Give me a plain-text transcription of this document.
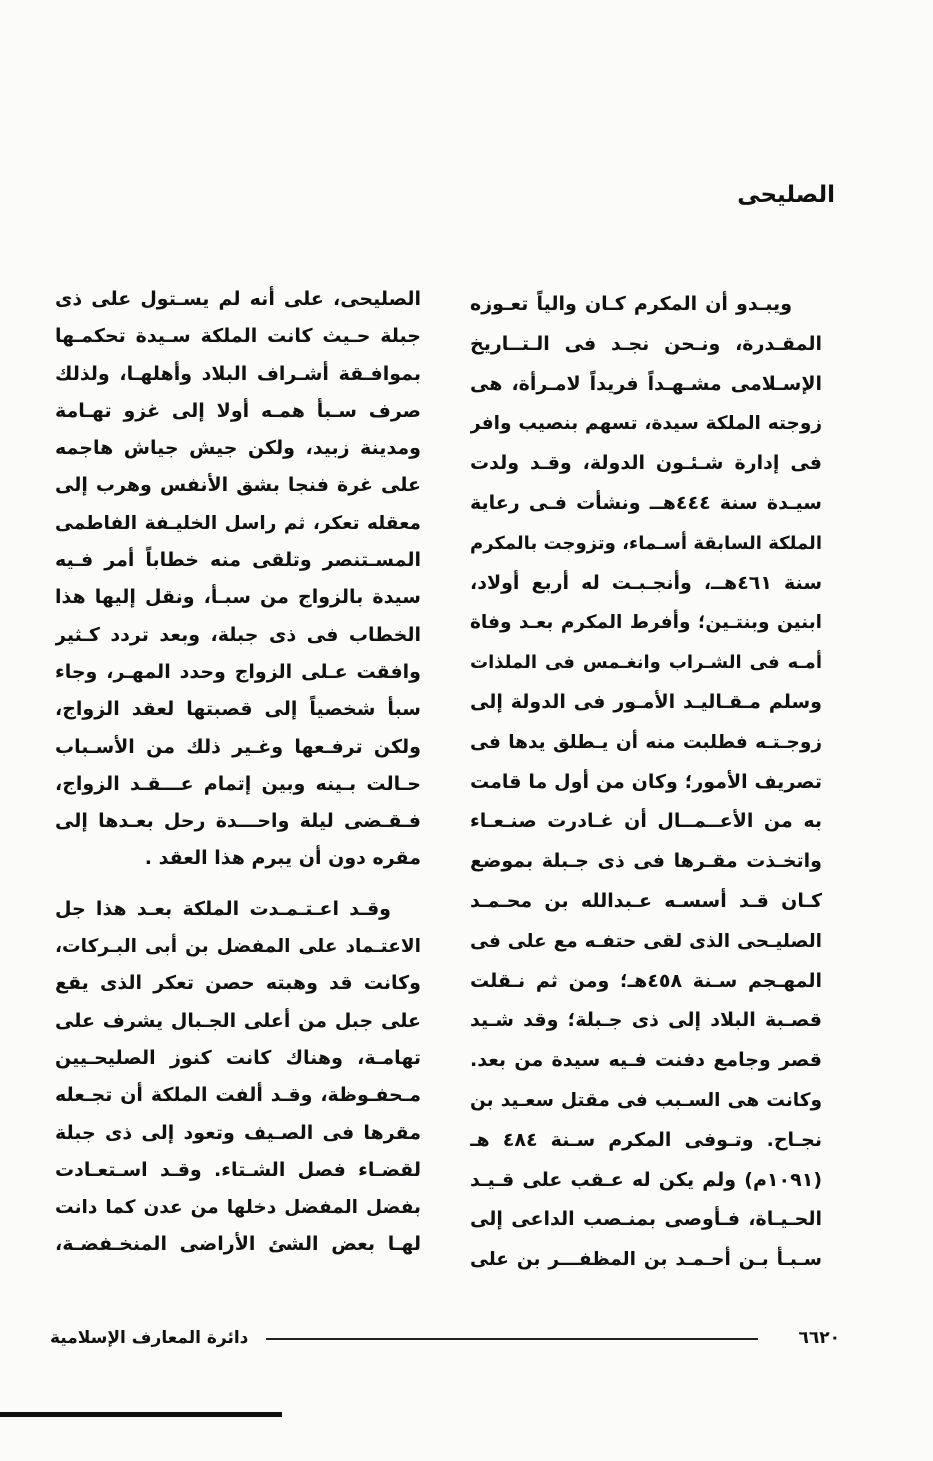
الصليحى
ويبـدو أن المكرم كـان والياً تعـوزه
المقـدرة، ونـحن نجـد فى الـتــاريخ
الإسـلامى مشـهـداً فريداً لامـرأة، هى
زوجته الملكة سيدة، تسهم بنصيب وافر
فى إدارة شـئـون الدولة، وقـد ولدت
سيـدة سنة ٤٤٤هــ ونشأت فـى رعاية
الملكة السابقة أسـماء، وتزوجت بالمكرم
سنة ٤٦١هــ، وأنجـبـت له أربع أولاد،
ابنين وبنتـين؛ وأفرط المكرم بعـد وفاة
أمـه فى الشـراب وانغـمس فى الملذات
وسلم مـقـاليـد الأمـور فى الدولة إلى
زوجـتـه فطلبت منه أن يـطلق يدها فى
تصريف الأمور؛ وكان من أول ما قامت
به من الأعــمــال أن غـادرت صنـعـاء
واتخـذت مقـرها فى ذى جـبلة بموضع
كـان قـد أسسـه عـبدالله بن محـمـد
الصليـحى الذى لقى حتفـه مع على فى
المهـجم سـنة ٤٥٨هـ؛ ومن ثم نـقلت
قصـبة البلاد إلى ذى جـبلة؛ وقد شـيد
قصر وجامع دفنت فـيه سيدة من بعد.
وكانت هى السـبب فى مقتل سعـيد بن
نجـاح. وتـوفى المكرم سـنة ٤٨٤ هـ
(١٠٩١م) ولم يكن له عـقب على قـيـد
الحـيـاة، فـأوصى بمنـصب الداعى إلى
سـبـأ بـن أحـمـد بن المظفـــر بن على
الصليحى، على أنه لم يسـتول على ذى
جبلة حـيث كانت الملكة سـيدة تحكمـها
بموافـقة أشـراف البلاد وأهلهـا، ولذلك
صرف سـبأ همـه أولا إلى غزو تهـامة
ومدينة زبيد، ولكن جيش جياش هاجمه
على غرة فنجا بشق الأنفس وهرب إلى
معقله تعكر، ثم راسل الخليـفة الفاطمى
المسـتنصر وتلقى منه خطاباً أمر فـيه
سيدة بالزواج من سبـأ، ونقل إليها هذا
الخطاب فى ذى جبلة، وبعد تردد كـثير
وافقت عـلى الزواج وحدد المهـر، وجاء
سبأ شخصياً إلى قصبتها لعقد الزواج،
ولكن ترفـعها وغـير ذلك من الأسـباب
حـالت بـينه وبين إتمام عـــقـد الزواج،
فـقـضى ليلة واحـــدة رحل بعـدها إلى
مقره دون أن يبرم هذا العقد .
وقـد اعـتـمـدت الملكة بعـد هذا جل
الاعتـماد على المفضل بن أبى البـركات،
وكانت قد وهبته حصن تعكر الذى يقع
على جبل من أعلى الجـبال يشرف على
تهامـة، وهناك كانت كنوز الصليحـيين
مـحفـوظة، وقـد ألفت الملكة أن تجـعله
مقرها فى الصـيف وتعود إلى ذى جبلة
لقضـاء فصل الشـتاء. وقـد اسـتعـادت
بفضل المفضل دخلها من عدن كما دانت
لهـا بعض الشئ الأراضى المنخـفضـة،
دائرة المعارف الإسلامية	٦٦٢٠
